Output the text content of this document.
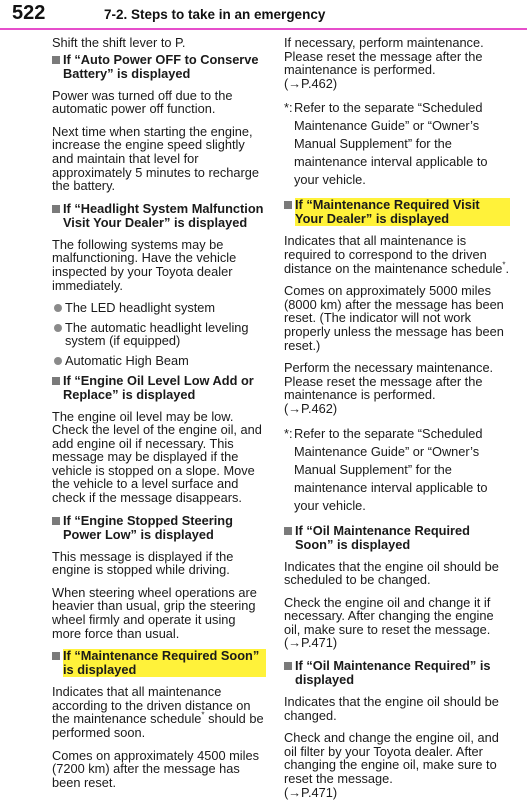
522	7-2. Steps to take in an emergency

Shift the shift lever to P.

If “Auto Power OFF to Conserve Battery” is displayed

Power was turned off due to the automatic power off function.

Next time when starting the engine, increase the engine speed slightly and maintain that level for approximately 5 minutes to recharge the battery.

If “Headlight System Malfunction Visit Your Dealer” is displayed

The following systems may be malfunctioning. Have the vehicle inspected by your Toyota dealer immediately.

The LED headlight system
The automatic headlight leveling system (if equipped)
Automatic High Beam
If “Engine Oil Level Low Add or Replace” is displayed

The engine oil level may be low. Check the level of the engine oil, and add engine oil if necessary. This message may be displayed if the vehicle is stopped on a slope. Move the vehicle to a level surface and check if the message disappears.

If “Engine Stopped Steering Power Low” is displayed

This message is displayed if the engine is stopped while driving.

When steering wheel operations are heavier than usual, grip the steering wheel firmly and operate it using more force than usual.

If “Maintenance Required Soon” is displayed

Indicates that all maintenance according to the driven distance on the maintenance schedule* should be performed soon.

Comes on approximately 4500 miles (7200 km) after the message has been reset.

If necessary, perform maintenance. Please reset the message after the maintenance is performed.
(→P.462)

*: Refer to the separate “Scheduled Maintenance Guide” or “Owner’s Manual Supplement” for the maintenance interval applicable to your vehicle.
If “Maintenance Required Visit Your Dealer” is displayed

Indicates that all maintenance is required to correspond to the driven distance on the maintenance schedule*.

Comes on approximately 5000 miles (8000 km) after the message has been reset. (The indicator will not work properly unless the message has been reset.)

Perform the necessary maintenance. Please reset the message after the maintenance is performed.
(→P.462)

*: Refer to the separate “Scheduled Maintenance Guide” or “Owner’s Manual Supplement” for the maintenance interval applicable to your vehicle.
If “Oil Maintenance Required Soon” is displayed

Indicates that the engine oil should be scheduled to be changed.

Check the engine oil and change it if necessary. After changing the engine oil, make sure to reset the message. (→P.471)

If “Oil Maintenance Required” is displayed

Indicates that the engine oil should be changed.

Check and change the engine oil, and oil filter by your Toyota dealer. After changing the engine oil, make sure to reset the message.
(→P.471)
